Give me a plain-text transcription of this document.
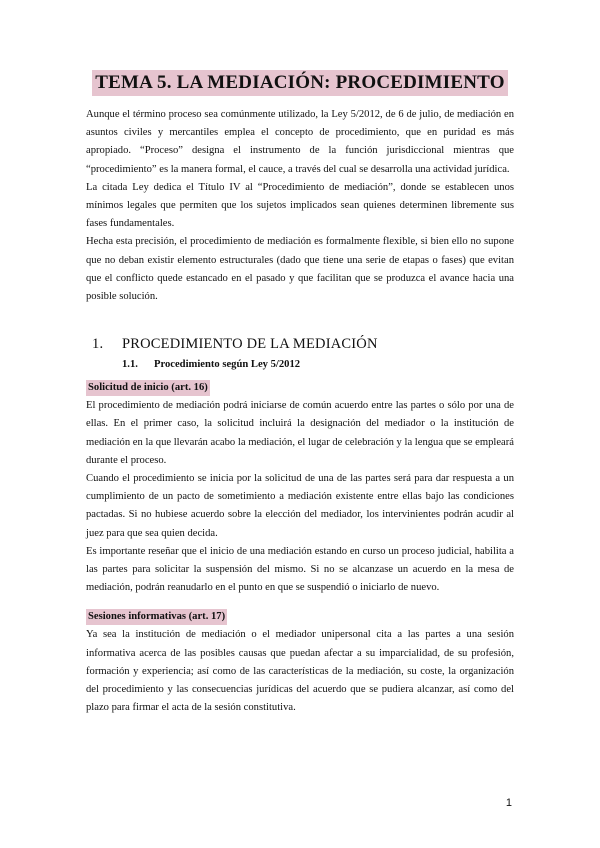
TEMA 5. LA MEDIACIÓN: PROCEDIMIENTO

Aunque el término proceso sea comúnmente utilizado, la Ley 5/2012, de 6 de julio, de mediación en asuntos civiles y mercantiles emplea el concepto de procedimiento, que en puridad es más apropiado. “Proceso” designa el instrumento de la función jurisdiccional mientras que “procedimiento” es la manera formal, el cauce, a través del cual se desarrolla una actividad jurídica.

La citada Ley dedica el Título IV al “Procedimiento de mediación”, donde se establecen unos mínimos legales que permiten que los sujetos implicados sean quienes determinen libremente sus fases fundamentales.

Hecha esta precisión, el procedimiento de mediación es formalmente flexible, si bien ello no supone que no deban existir elemento estructurales (dado que tiene una serie de etapas o fases) que evitan que el conflicto quede estancado en el pasado y que facilitan que se produzca el avance hacia una posible solución.

1.	PROCEDIMIENTO DE LA MEDIACIÓN
1.1.	Procedimiento según Ley 5/2012
Solicitud de inicio (art. 16)

El procedimiento de mediación podrá iniciarse de común acuerdo entre las partes o sólo por una de ellas. En el primer caso, la solicitud incluirá la designación del mediador o la institución de mediación en la que llevarán acabo la mediación, el lugar de celebración y la lengua que se empleará durante el proceso.

Cuando el procedimiento se inicia por la solicitud de una de las partes será para dar respuesta a un cumplimiento de un pacto de sometimiento a mediación existente entre ellas bajo las condiciones pactadas. Si no hubiese acuerdo sobre la elección del mediador, los intervinientes podrán acudir al juez para que sea quien decida.

Es importante reseñar que el inicio de una mediación estando en curso un proceso judicial, habilita a las partes para solicitar la suspensión del mismo. Si no se alcanzase un acuerdo en la mesa de mediación, podrán reanudarlo en el punto en que se suspendió o iniciarlo de nuevo.

Sesiones informativas (art. 17)

Ya sea la institución de mediación o el mediador unipersonal cita a las partes a una sesión informativa acerca de las posibles causas que puedan afectar a su imparcialidad, de su profesión, formación y experiencia; así como de las características de la mediación, su coste, la organización del procedimiento y las consecuencias jurídicas del acuerdo que se pudiera alcanzar, así como del plazo para firmar el acta de la sesión constitutiva.

1
